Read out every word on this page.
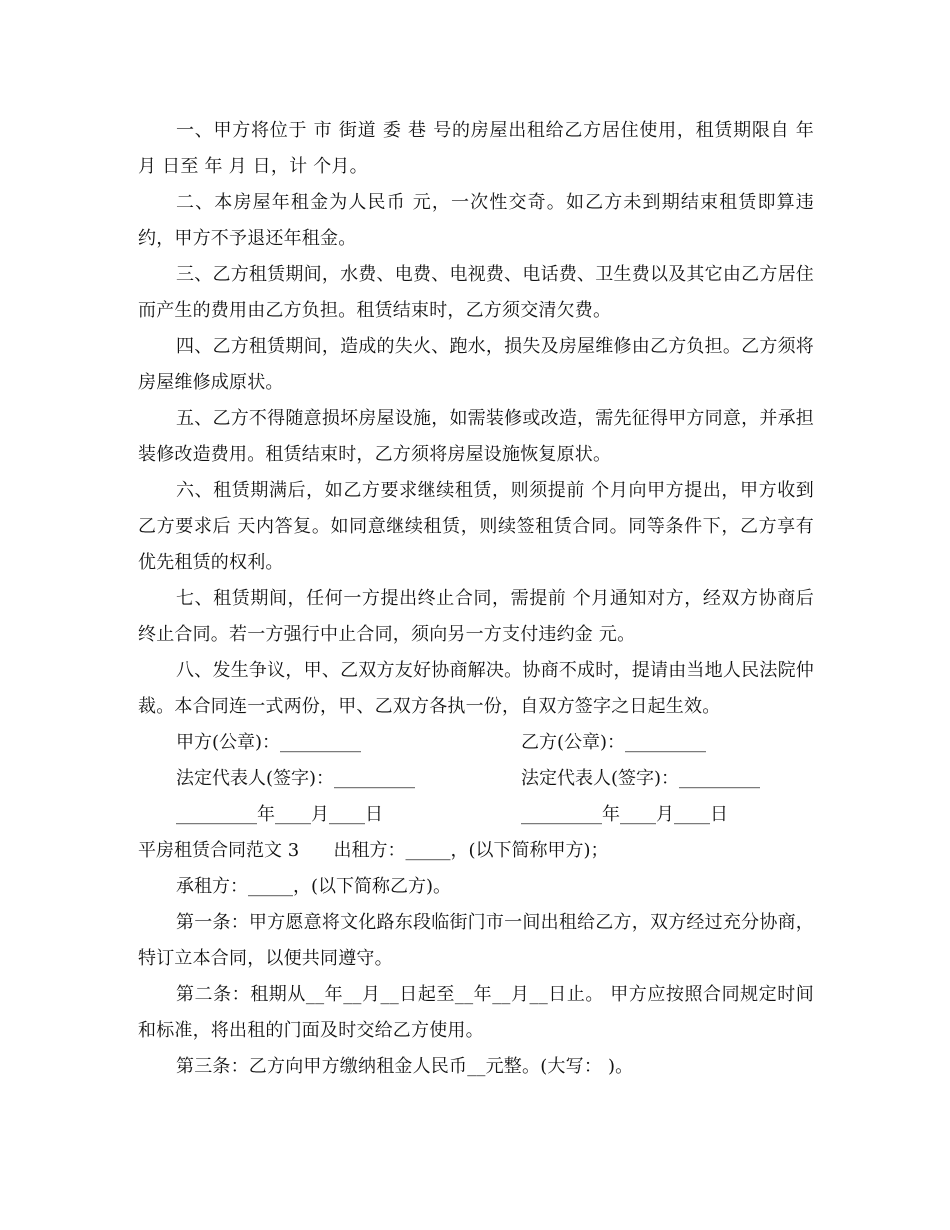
一、甲方将位于 市 街道 委 巷 号的房屋出租给乙方居住使用，租赁期限自 年 月 日至 年 月 日，计 个月。

二、本房屋年租金为人民币 元，一次性交奇。如乙方未到期结束租赁即算违约，甲方不予退还年租金。

三、乙方租赁期间，水费、电费、电视费、电话费、卫生费以及其它由乙方居住而产生的费用由乙方负担。租赁结束时，乙方须交清欠费。

四、乙方租赁期间，造成的失火、跑水，损失及房屋维修由乙方负担。乙方须将房屋维修成原状。

五、乙方不得随意损坏房屋设施，如需装修或改造，需先征得甲方同意，并承担装修改造费用。租赁结束时，乙方须将房屋设施恢复原状。

六、租赁期满后，如乙方要求继续租赁，则须提前 个月向甲方提出，甲方收到乙方要求后 天内答复。如同意继续租赁，则续签租赁合同。同等条件下，乙方享有优先租赁的权利。

七、租赁期间，任何一方提出终止合同，需提前 个月通知对方，经双方协商后终止合同。若一方强行中止合同，须向另一方支付违约金 元。

八、发生争议，甲、乙双方友好协商解决。协商不成时，提请由当地人民法院仲裁。本合同连一式两份，甲、乙双方各执一份，自双方签字之日起生效。

甲方(公章)：_________	乙方(公章)：_________
法定代表人(签字)：_________	法定代表人(签字)：_________
_________年____月____日	_________年____月____日

平房租赁合同范文 3      出租方：_____，(以下简称甲方)；

承租方：_____，(以下简称乙方)。

第一条：甲方愿意将文化路东段临街门市一间出租给乙方，双方经过充分协商，特订立本合同，以便共同遵守。

第二条：租期从__年__月__日起至__年__月__日止。 甲方应按照合同规定时间和标准，将出租的门面及时交给乙方使用。

第三条：乙方向甲方缴纳租金人民币__元整。(大写： )。
